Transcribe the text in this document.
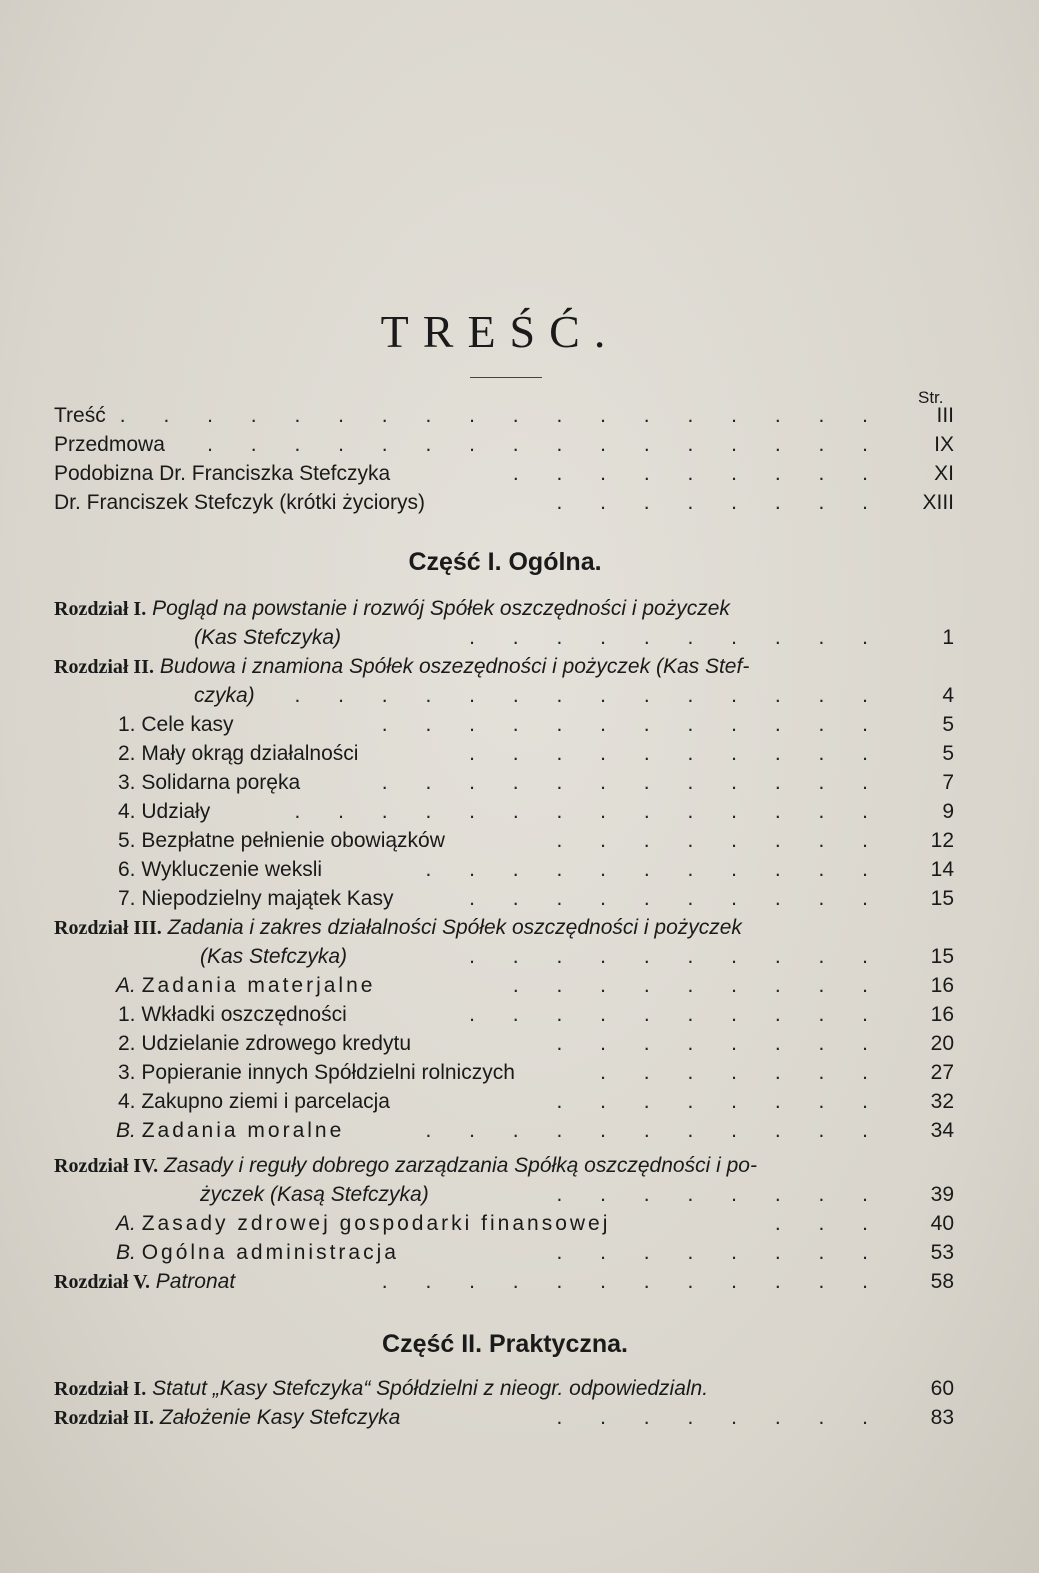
TREŚĆ.
Str.
Treść . . . . . . . . . . . . . . . . . .	III
Przedmowa . . . . . . . . . . . . . . . .	IX
Podobizna Dr. Franciszka Stefczyka	. . . . . . . . .	XI
Dr. Franciszek Stefczyk (krótki życiorys)	. . . . . . . .	XIII
Część I. Ogólna.
Rozdział I. Pogląd na powstanie i rozwój Spółek oszczędności i pożyczek
(Kas Stefczyka)	. . . . . . . . . .	1
Rozdział II. Budowa i znamiona Spółek oszezędności i pożyczek (Kas Stef-
czyka) . . . . . . . . . . . . . .	4
1. Cele kasy	. . . . . . . . . . . .	5
2. Mały okrąg działalności	. . . . . . . . . .	5
3. Solidarna poręka	. . . . . . . . . . . .	7
4. Udziały	. . . . . . . . . . . . . .	9
5. Bezpłatne pełnienie obowiązków	. . . . . . . .	12
6. Wykluczenie weksli	. . . . . . . . . . .	14
7. Niepodzielny majątek Kasy	. . . . . . . . . .	15
Rozdział III. Zadania i zakres działalności Spółek oszczędności i pożyczek
(Kas Stefczyka)	. . . . . . . . . .	15
A. Zadania materjalne	. . . . . . . . .	16
1. Wkładki oszczędności	. . . . . . . . . .	16
2. Udzielanie zdrowego kredytu	. . . . . . . .	20
3. Popieranie innych Spółdzielni rolniczych	. . . . . . .	27
4. Zakupno ziemi i parcelacja	. . . . . . . .	32
B. Zadania moralne	. . . . . . . . . . .	34
Rozdział IV. Zasady i reguły dobrego zarządzania Spółką oszczędności i po-
życzek (Kasą Stefczyka)	. . . . . . . .	39
A. Zasady zdrowej gospodarki finansowej	. . .	40
B. Ogólna administracja	. . . . . . . .	53
Rozdział V. Patronat	. . . . . . . . . . . .	58
Część II. Praktyczna.
Rozdział I. Statut „Kasy Stefczyka“ Spółdzielni z nieogr. odpowiedzialn.	60
Rozdział II. Założenie Kasy Stefczyka	. . . . . . . .	83
